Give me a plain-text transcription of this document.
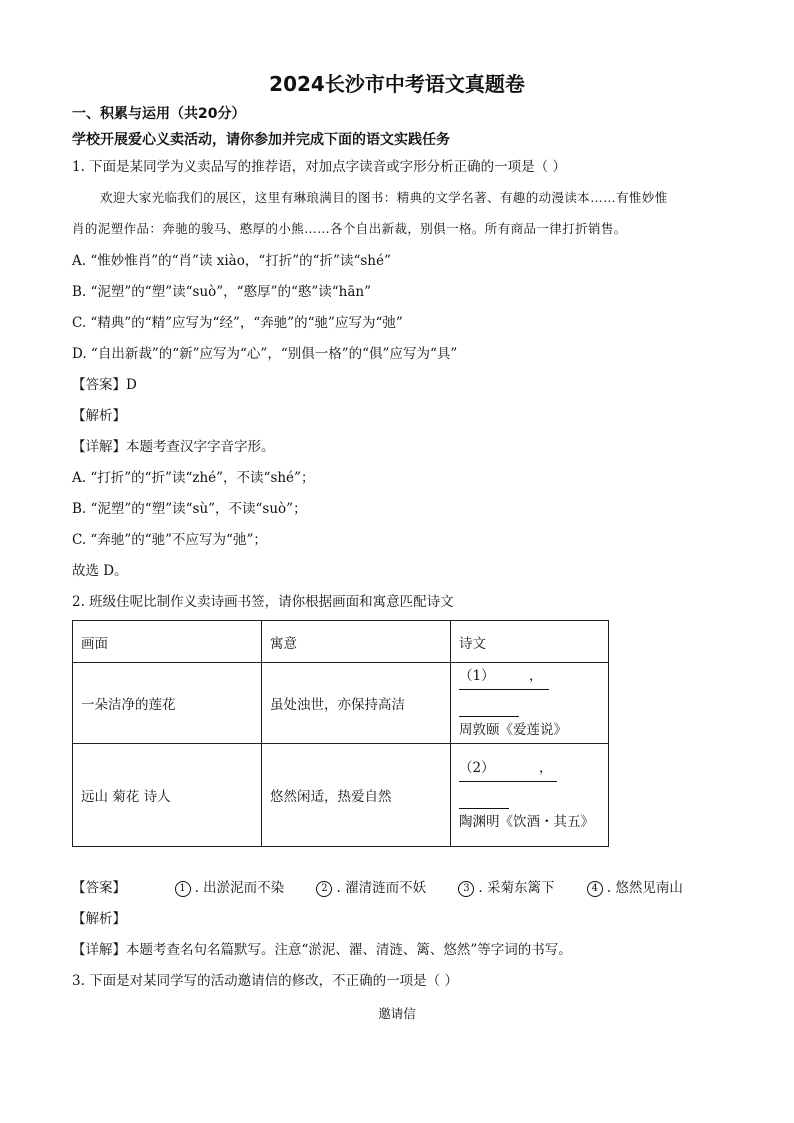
2024长沙市中考语文真题卷
一、积累与运用（共20分）
学校开展爱心义卖活动，请你参加并完成下面的语文实践任务
1. 下面是某同学为义卖品写的推荐语，对加点字读音或字形分析正确的一项是（ ）
欢迎大家光临我们的展区，这里有琳琅满目的图书：精典的文学名著、有趣的动漫读本……有惟妙惟
肖的泥塑作品：奔驰的骏马、憨厚的小熊……各个自出新裁，别俱一格。所有商品一律打折销售。
A. “惟妙惟肖”的“肖”读 xiào，“打折”的“折”读“shé”
B. “泥塑”的“塑”读“suò”，“憨厚”的“憨”读“hān”
C. “精典”的“精”应写为“经”，“奔驰”的“驰”应写为“弛”
D. “自出新裁”的“新”应写为“心”，“别俱一格”的“俱”应写为“具”
【答案】D
【解析】
【详解】本题考查汉字字音字形。
A. “打折”的“折”读“zhé”，不读“shé”；
B. “泥塑”的“塑”读“sù”，不读“suò”；
C. “奔驰”的“驰”不应写为“弛”；
故选 D。
2. 班级住呢比制作义卖诗画书签，请你根据画面和寓意匹配诗文
画面	寓意	诗文
一朵洁净的莲花	虽处浊世，亦保持高洁	（1） ，
周敦颐《爱莲说》

远山 菊花 诗人	悠然闲适，热爱自然	（2） ，

陶渊明《饮酒・其五》
【答案】	1 . 出淤泥而不染	2 . 濯清涟而不妖	3 . 采菊东篱下	4 . 悠然见南山
【解析】
【详解】本题考查名句名篇默写。注意“淤泥、濯、清涟、篱、悠然”等字词的书写。
3. 下面是对某同学写的活动邀请信的修改，不正确的一项是（ ）
邀请信
